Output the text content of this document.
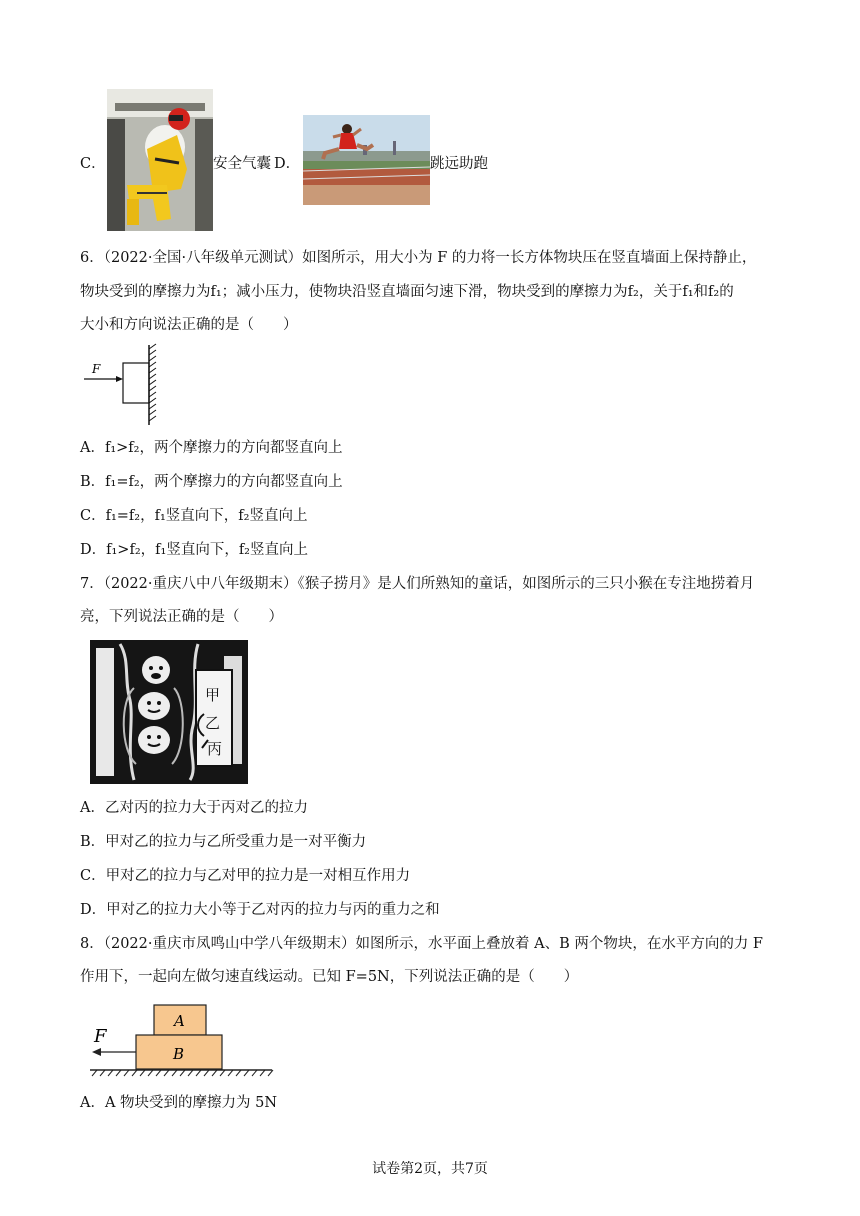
C．	安全气囊 D．	跳远助跑
6．（2022·全国·八年级单元测试）如图所示，用大小为 F 的力将一长方体物块压在竖直墙面上保持静止，
物块受到的摩擦力为f₁；减小压力，使物块沿竖直墙面匀速下滑，物块受到的摩擦力为f₂，关于f₁和f₂的
大小和方向说法正确的是（　　）
F
A．f₁>f₂，两个摩擦力的方向都竖直向上
B．f₁=f₂，两个摩擦力的方向都竖直向上
C．f₁=f₂，f₁竖直向下，f₂竖直向上
D．f₁>f₂，f₁竖直向下，f₂竖直向上
7．（2022·重庆八中八年级期末）《猴子捞月》是人们所熟知的童话，如图所示的三只小猴在专注地捞着月
亮，下列说法正确的是（　　）
甲
乙
丙
A．乙对丙的拉力大于丙对乙的拉力
B．甲对乙的拉力与乙所受重力是一对平衡力
C．甲对乙的拉力与乙对甲的拉力是一对相互作用力
D．甲对乙的拉力大小等于乙对丙的拉力与丙的重力之和
8．（2022·重庆市凤鸣山中学八年级期末）如图所示，水平面上叠放着 A、B 两个物块，在水平方向的力 F
作用下，一起向左做匀速直线运动。已知 F=5N，下列说法正确的是（　　）
F
A
B
A．A 物块受到的摩擦力为 5N
试卷第2页，共7页
